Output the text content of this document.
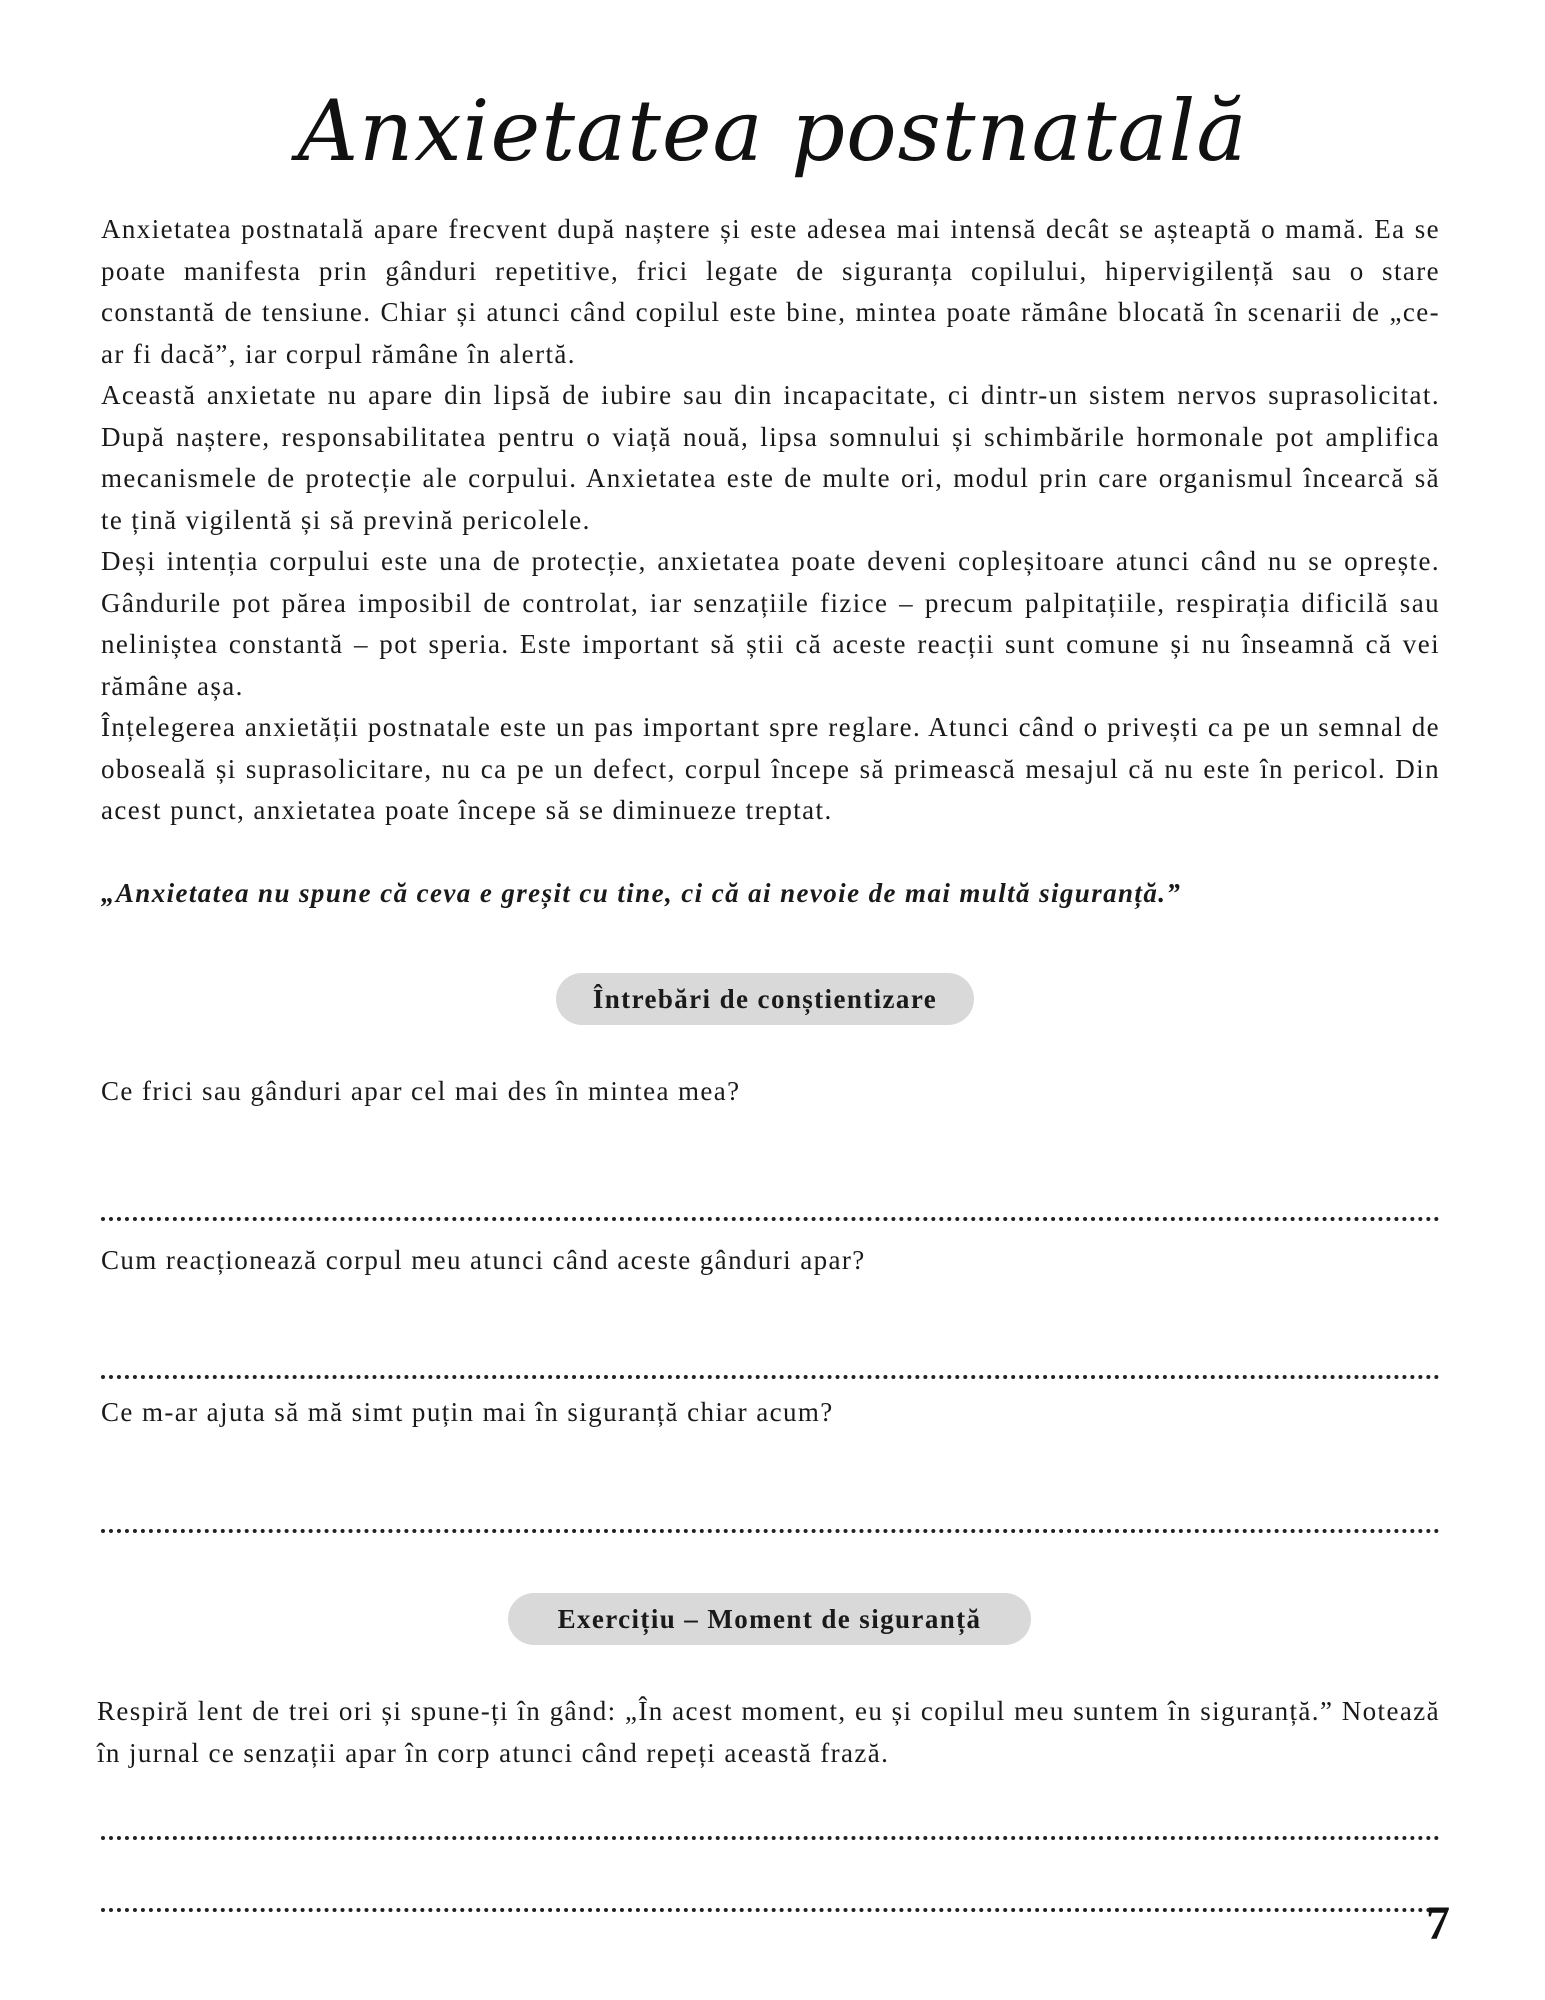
Anxietatea postnatală

Anxietatea postnatală apare frecvent după naștere și este adesea mai intensă decât se așteaptă o mamă. Ea se poate manifesta prin gânduri repetitive, frici legate de siguranța copilului, hipervigilență sau o stare constantă de tensiune. Chiar și atunci când copilul este bine, mintea poate rămâne blocată în scenarii de „ce-ar fi dacă”, iar corpul rămâne în alertă.

Această anxietate nu apare din lipsă de iubire sau din incapacitate, ci dintr-un sistem nervos suprasolicitat. După naștere, responsabilitatea pentru o viață nouă, lipsa somnului și schimbările hormonale pot amplifica mecanismele de protecție ale corpului. Anxietatea este de multe ori, modul prin care organismul încearcă să te țină vigilentă și să prevină pericolele.

Deși intenția corpului este una de protecție, anxietatea poate deveni copleșitoare atunci când nu se oprește. Gândurile pot părea imposibil de controlat, iar senzațiile fizice – precum palpitațiile, respirația dificilă sau neliniștea constantă – pot speria. Este important să știi că aceste reacții sunt comune și nu înseamnă că vei rămâne așa.

Înțelegerea anxietății postnatale este un pas important spre reglare. Atunci când o privești ca pe un semnal de oboseală și suprasolicitare, nu ca pe un defect, corpul începe să primească mesajul că nu este în pericol. Din acest punct, anxietatea poate începe să se diminueze treptat.

„Anxietatea nu spune că ceva e greșit cu tine, ci că ai nevoie de mai multă siguranță.”

Întrebări de conștientizare

Ce frici sau gânduri apar cel mai des în mintea mea?

Cum reacționează corpul meu atunci când aceste gânduri apar?

Ce m-ar ajuta să mă simt puțin mai în siguranță chiar acum?

Exercițiu – Moment de siguranță

Respiră lent de trei ori și spune-ți în gând: „În acest moment, eu și copilul meu suntem în siguranță.” Notează în jurnal ce senzații apar în corp atunci când repeți această frază.

7
